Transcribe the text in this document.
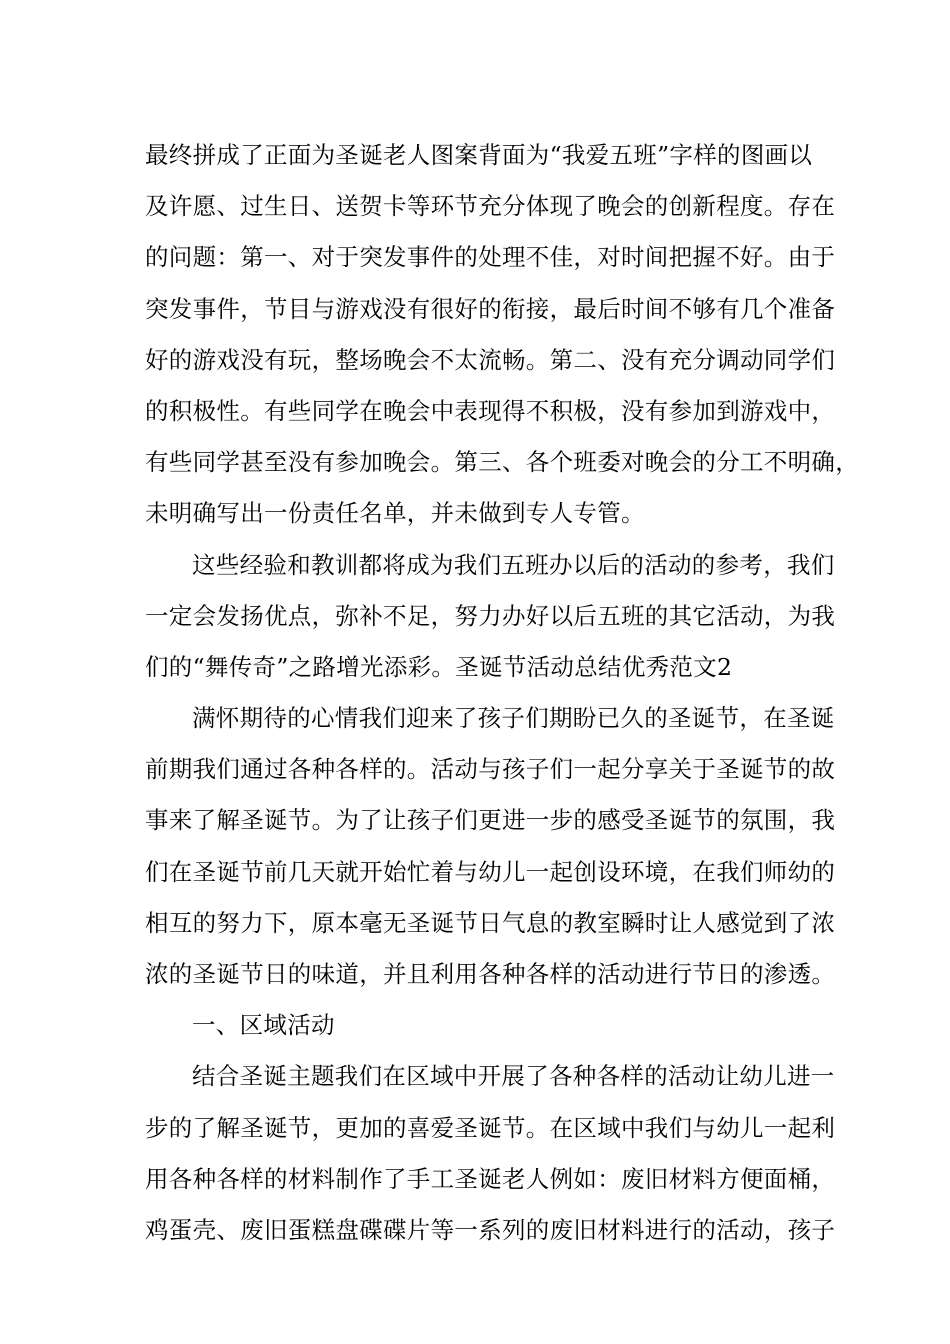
最终拼成了正面为圣诞老人图案背面为“我爱五班”字样的图画以
及许愿、过生日、送贺卡等环节充分体现了晚会的创新程度。存在
的问题：第一、对于突发事件的处理不佳，对时间把握不好。由于
突发事件，节目与游戏没有很好的衔接，最后时间不够有几个准备
好的游戏没有玩，整场晚会不太流畅。第二、没有充分调动同学们
的积极性。有些同学在晚会中表现得不积极，没有参加到游戏中，
有些同学甚至没有参加晚会。第三、各个班委对晚会的分工不明确，
未明确写出一份责任名单，并未做到专人专管。
这些经验和教训都将成为我们五班办以后的活动的参考，我们
一定会发扬优点，弥补不足，努力办好以后五班的其它活动，为我
们的“舞传奇”之路增光添彩。圣诞节活动总结优秀范文2
满怀期待的心情我们迎来了孩子们期盼已久的圣诞节，在圣诞
前期我们通过各种各样的。活动与孩子们一起分享关于圣诞节的故
事来了解圣诞节。为了让孩子们更进一步的感受圣诞节的氛围，我
们在圣诞节前几天就开始忙着与幼儿一起创设环境，在我们师幼的
相互的努力下，原本毫无圣诞节日气息的教室瞬时让人感觉到了浓
浓的圣诞节日的味道，并且利用各种各样的活动进行节日的渗透。
一、区域活动
结合圣诞主题我们在区域中开展了各种各样的活动让幼儿进一
步的了解圣诞节，更加的喜爱圣诞节。在区域中我们与幼儿一起利
用各种各样的材料制作了手工圣诞老人例如：废旧材料方便面桶，
鸡蛋壳、废旧蛋糕盘碟碟片等一系列的废旧材料进行的活动，孩子
